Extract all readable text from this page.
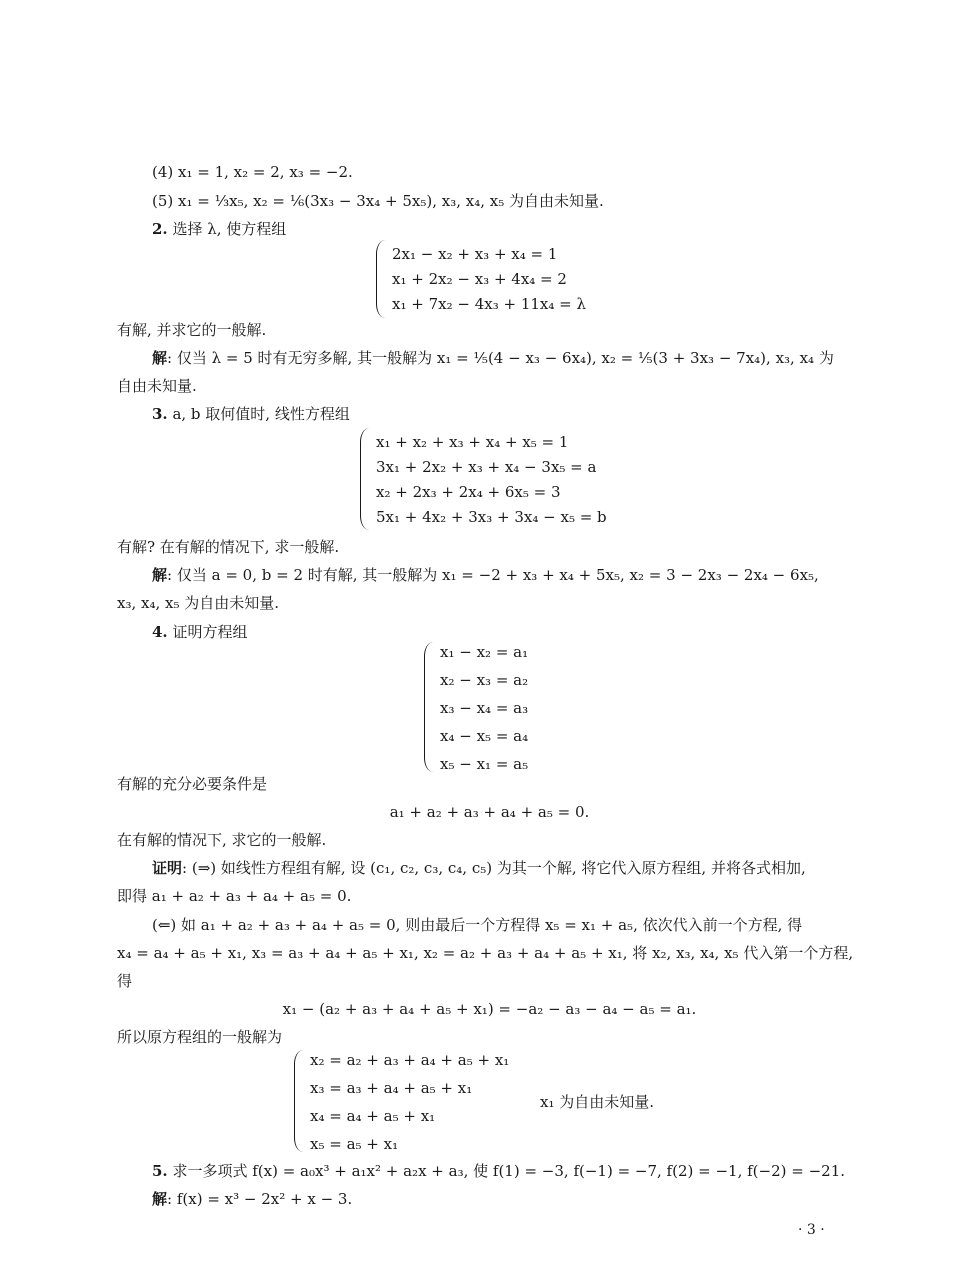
(4) x₁ = 1, x₂ = 2, x₃ = −2.
(5) x₁ = ⅓x₅, x₂ = ⅙(3x₃ − 3x₄ + 5x₅), x₃, x₄, x₅ 为自由未知量.
2. 选择 λ, 使方程组
2x₁ − x₂ + x₃ + x₄ = 1
x₁ + 2x₂ − x₃ + 4x₄ = 2
x₁ + 7x₂ − 4x₃ + 11x₄ = λ
有解, 并求它的一般解.
解: 仅当 λ = 5 时有无穷多解, 其一般解为 x₁ = ⅕(4 − x₃ − 6x₄), x₂ = ⅕(3 + 3x₃ − 7x₄), x₃, x₄ 为
自由未知量.
3. a, b 取何值时, 线性方程组
x₁ + x₂ + x₃ + x₄ + x₅ = 1
3x₁ + 2x₂ + x₃ + x₄ − 3x₅ = a
x₂ + 2x₃ + 2x₄ + 6x₅ = 3
5x₁ + 4x₂ + 3x₃ + 3x₄ − x₅ = b
有解? 在有解的情况下, 求一般解.
解: 仅当 a = 0, b = 2 时有解, 其一般解为 x₁ = −2 + x₃ + x₄ + 5x₅, x₂ = 3 − 2x₃ − 2x₄ − 6x₅,
x₃, x₄, x₅ 为自由未知量.
4. 证明方程组
x₁ − x₂ = a₁
x₂ − x₃ = a₂
x₃ − x₄ = a₃
x₄ − x₅ = a₄
x₅ − x₁ = a₅
有解的充分必要条件是
a₁ + a₂ + a₃ + a₄ + a₅ = 0.
在有解的情况下, 求它的一般解.
证明: (⇒) 如线性方程组有解, 设 (c₁, c₂, c₃, c₄, c₅) 为其一个解, 将它代入原方程组, 并将各式相加,
即得 a₁ + a₂ + a₃ + a₄ + a₅ = 0.
(⇐) 如 a₁ + a₂ + a₃ + a₄ + a₅ = 0, 则由最后一个方程得 x₅ = x₁ + a₅, 依次代入前一个方程, 得
x₄ = a₄ + a₅ + x₁, x₃ = a₃ + a₄ + a₅ + x₁, x₂ = a₂ + a₃ + a₄ + a₅ + x₁, 将 x₂, x₃, x₄, x₅ 代入第一个方程,
得
x₁ − (a₂ + a₃ + a₄ + a₅ + x₁) = −a₂ − a₃ − a₄ − a₅ = a₁.
所以原方程组的一般解为
x₂ = a₂ + a₃ + a₄ + a₅ + x₁
x₃ = a₃ + a₄ + a₅ + x₁
x₄ = a₄ + a₅ + x₁
x₅ = a₅ + x₁
x₁ 为自由未知量.
5. 求一多项式 f(x) = a₀x³ + a₁x² + a₂x + a₃, 使 f(1) = −3, f(−1) = −7, f(2) = −1, f(−2) = −21.
解: f(x) = x³ − 2x² + x − 3.
· 3 ·
